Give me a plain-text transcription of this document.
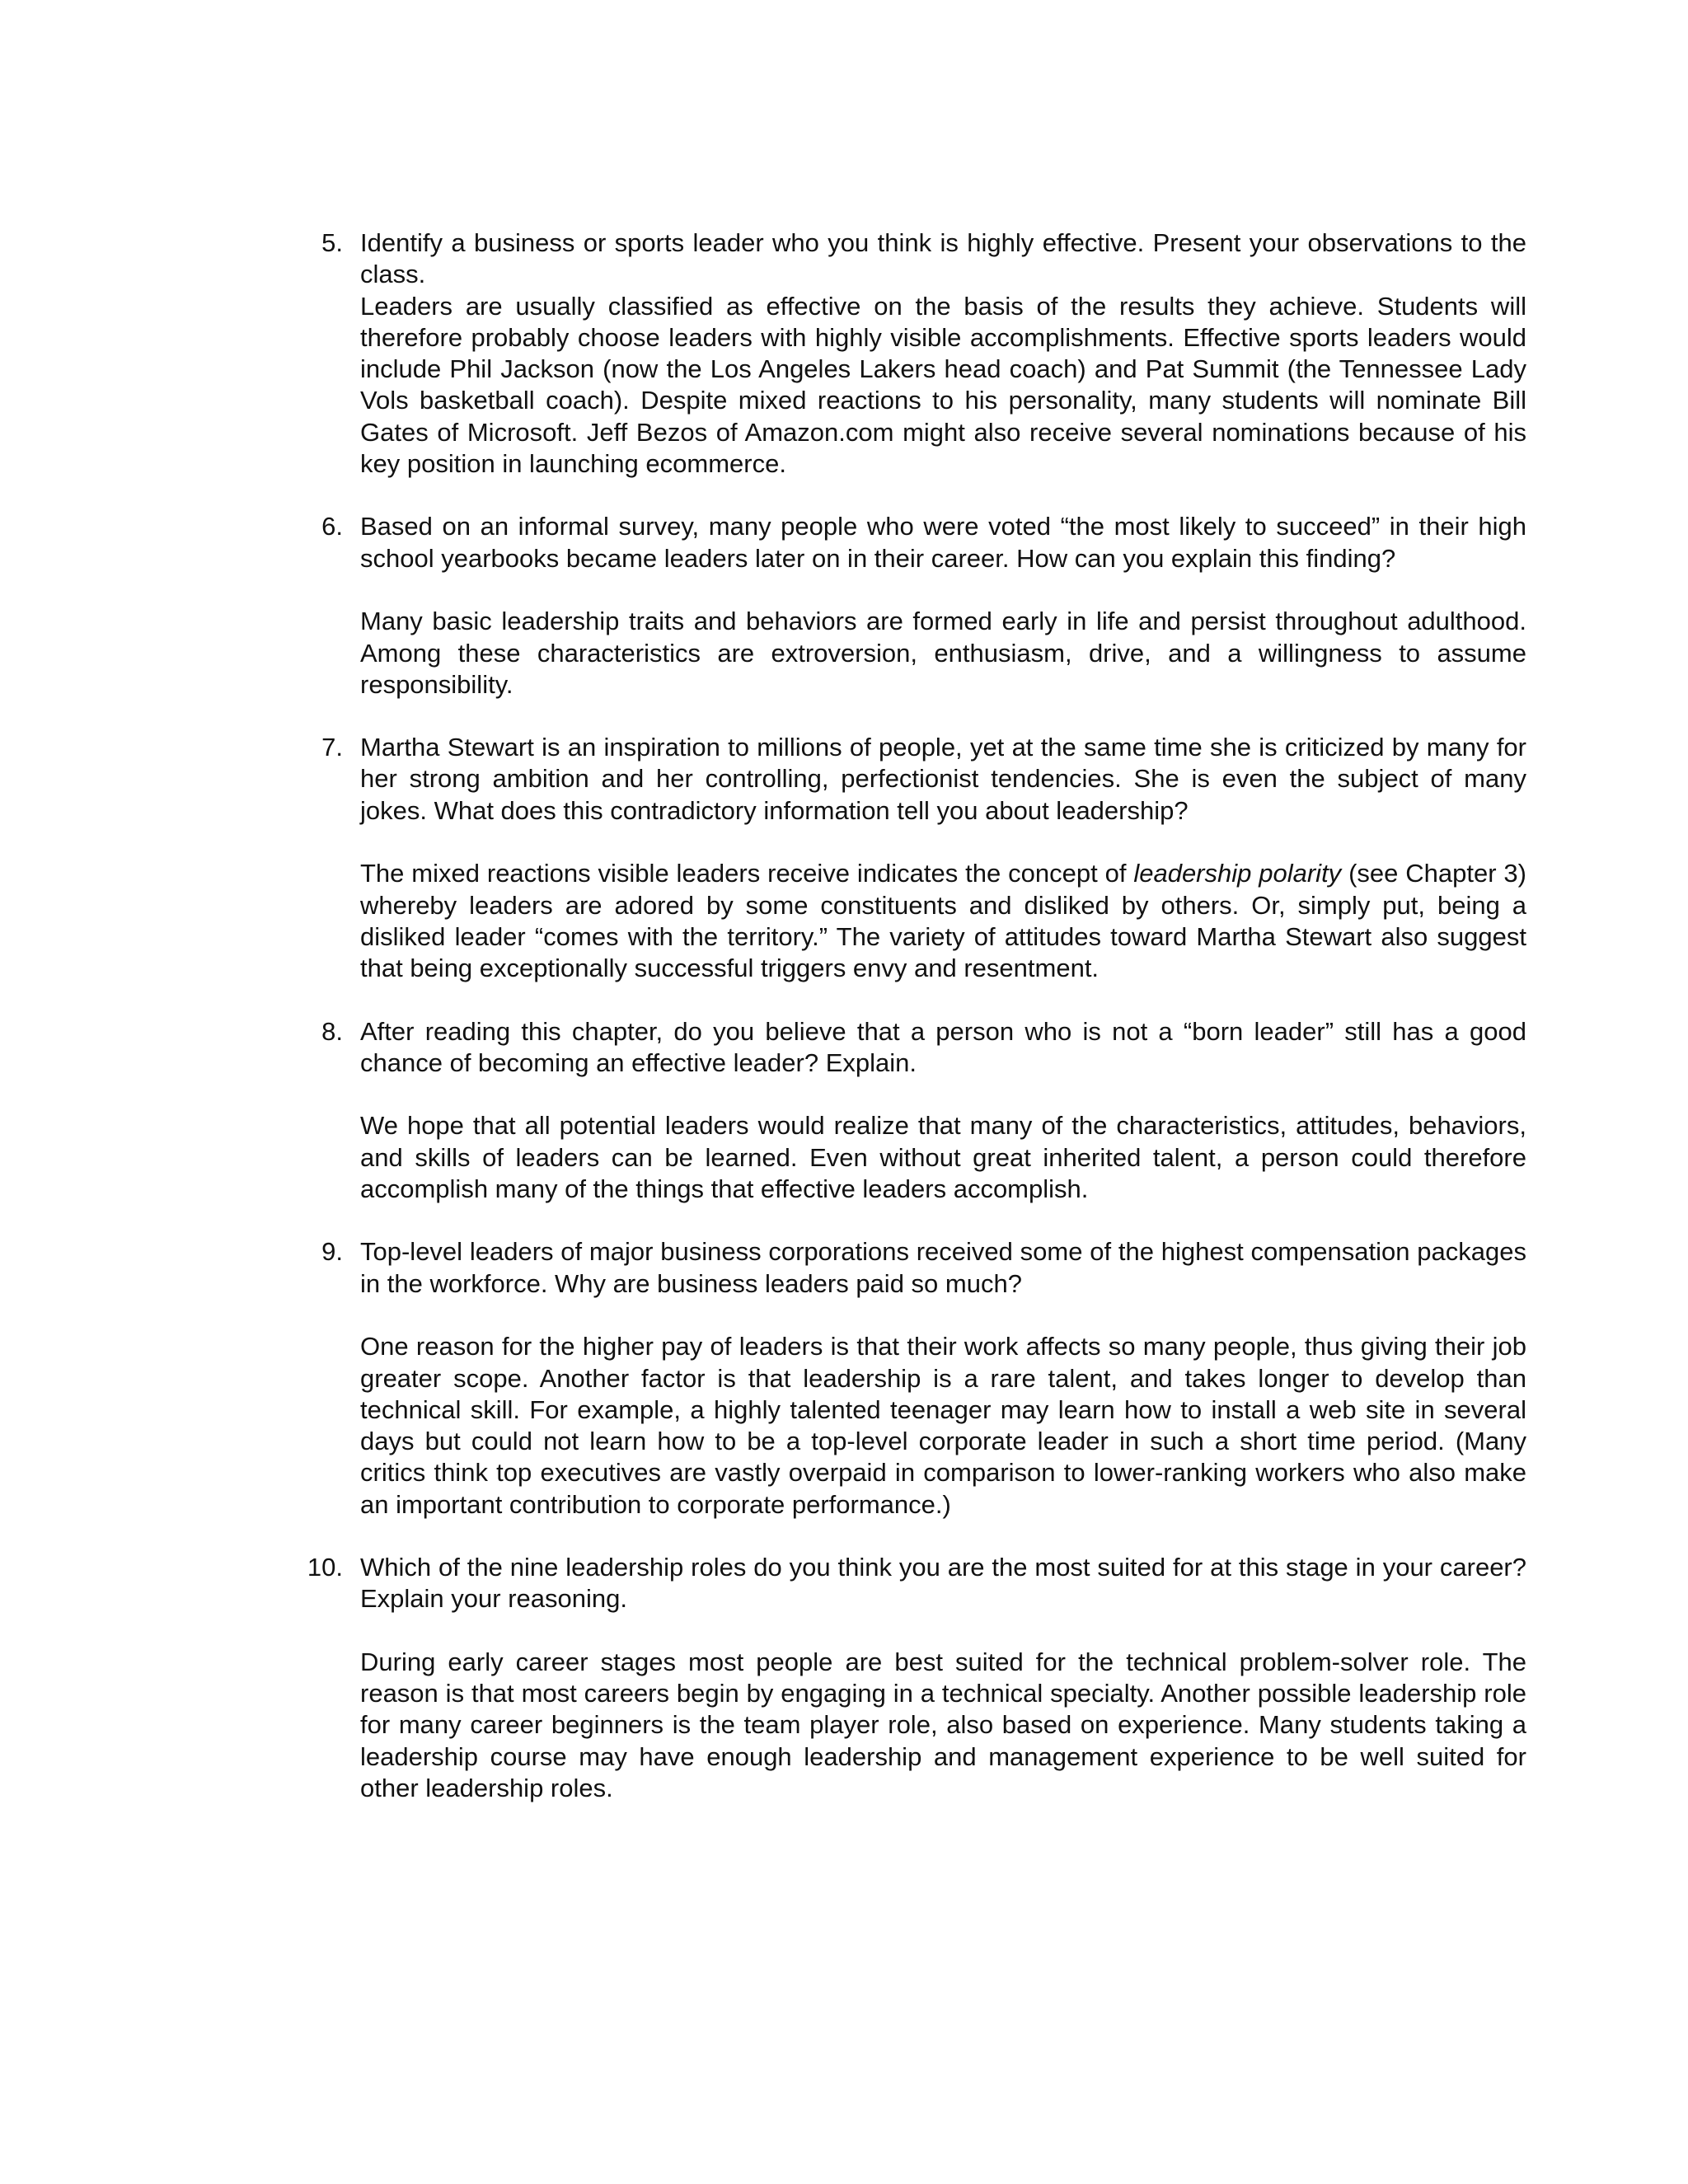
5. Identify a business or sports leader who you think is highly effective. Present your observations to the class.

Leaders are usually classified as effective on the basis of the results they achieve. Students will therefore probably choose leaders with highly visible accomplishments. Effective sports leaders would include Phil Jackson (now the Los Angeles Lakers head coach) and Pat Summit (the Tennessee Lady Vols basketball coach). Despite mixed reactions to his personality, many students will nominate Bill Gates of Microsoft. Jeff Bezos of Amazon.com might also receive several nominations because of his key position in launching ecommerce.

6. Based on an informal survey, many people who were voted “the most likely to succeed” in their high school yearbooks became leaders later on in their career. How can you explain this finding?

Many basic leadership traits and behaviors are formed early in life and persist throughout adulthood. Among these characteristics are extroversion, enthusiasm, drive, and a willingness to assume responsibility.

7. Martha Stewart is an inspiration to millions of people, yet at the same time she is criticized by many for her strong ambition and her controlling, perfectionist tendencies. She is even the subject of many jokes. What does this contradictory information tell you about leadership?

The mixed reactions visible leaders receive indicates the concept of leadership polarity (see Chapter 3) whereby leaders are adored by some constituents and disliked by others. Or, simply put, being a disliked leader “comes with the territory.” The variety of attitudes toward Martha Stewart also suggest that being exceptionally successful triggers envy and resentment.

8. After reading this chapter, do you believe that a person who is not a “born leader” still has a good chance of becoming an effective leader? Explain.

We hope that all potential leaders would realize that many of the characteristics, attitudes, behaviors, and skills of leaders can be learned. Even without great inherited talent, a person could therefore accomplish many of the things that effective leaders accomplish.

9. Top-level leaders of major business corporations received some of the highest compensation packages in the workforce. Why are business leaders paid so much?

One reason for the higher pay of leaders is that their work affects so many people, thus giving their job greater scope. Another factor is that leadership is a rare talent, and takes longer to develop than technical skill. For example, a highly talented teenager may learn how to install a web site in several days but could not learn how to be a top-level corporate leader in such a short time period. (Many critics think top executives are vastly overpaid in comparison to lower-ranking workers who also make an important contribution to corporate performance.)

10. Which of the nine leadership roles do you think you are the most suited for at this stage in your career? Explain your reasoning.

During early career stages most people are best suited for the technical problem-solver role. The reason is that most careers begin by engaging in a technical specialty. Another possible leadership role for many career beginners is the team player role, also based on experience. Many students taking a leadership course may have enough leadership and management experience to be well suited for other leadership roles.
